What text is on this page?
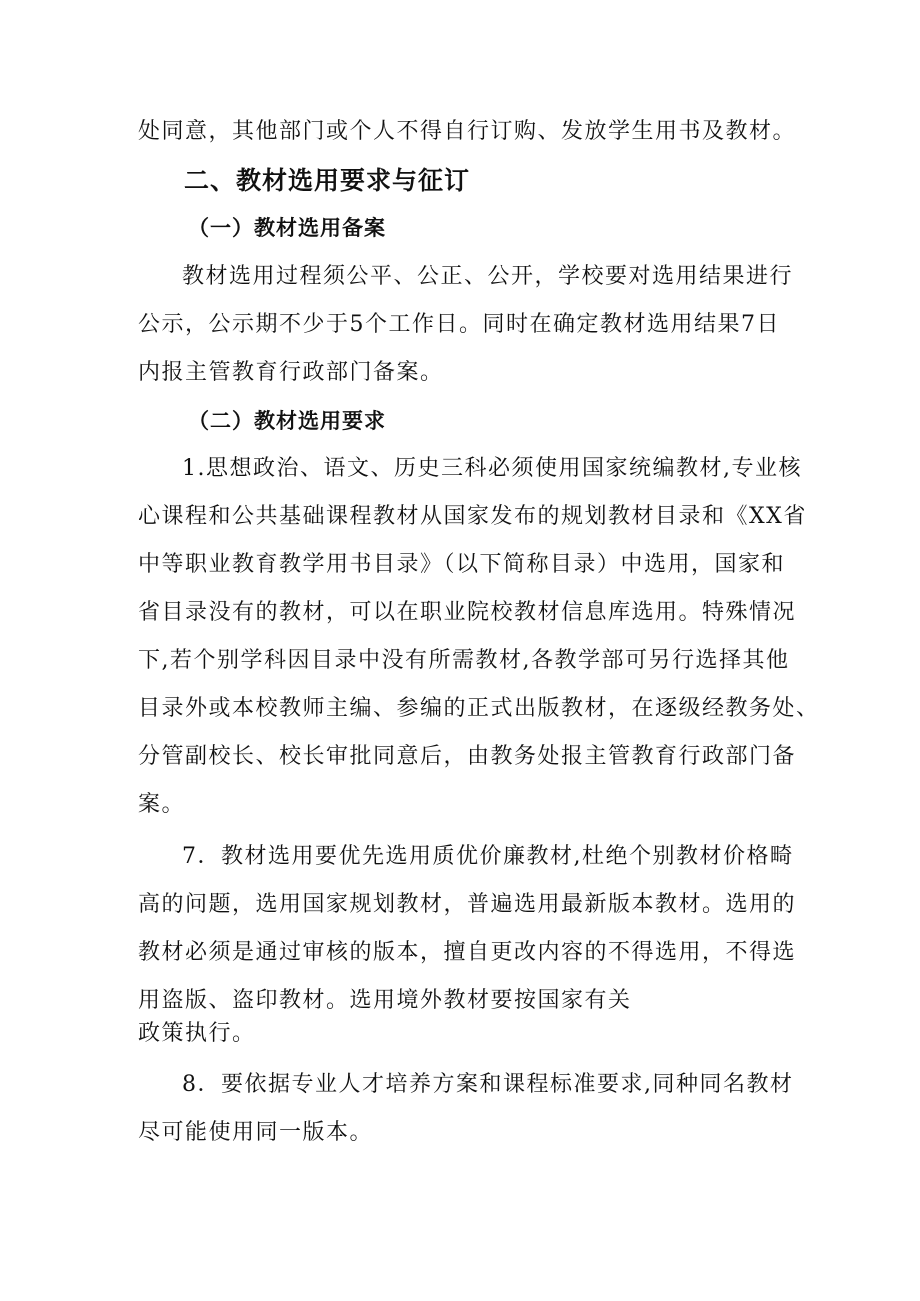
处同意，其他部门或个人不得自行订购、发放学生用书及教材。
二、教材选用要求与征订
（一）教材选用备案
教材选用过程须公平、公正、公开，学校要对选用结果进行
公示，公示期不少于5个工作日。同时在确定教材选用结果7日
内报主管教育行政部门备案。
（二）教材选用要求
1.思想政治、语文、历史三科必须使用国家统编教材,专业核
心课程和公共基础课程教材从国家发布的规划教材目录和《XX省
中等职业教育教学用书目录》（以下简称目录）中选用，国家和
省目录没有的教材，可以在职业院校教材信息库选用。特殊情况
下,若个别学科因目录中没有所需教材,各教学部可另行选择其他
目录外或本校教师主编、参编的正式出版教材，在逐级经教务处、
分管副校长、校长审批同意后，由教务处报主管教育行政部门备
案。
7．教材选用要优先选用质优价廉教材,杜绝个别教材价格畸
高的问题，选用国家规划教材，普遍选用最新版本教材。选用的
教材必须是通过审核的版本，擅自更改内容的不得选用，不得选
用盗版、盗印教材。选用境外教材要按国家有关
政策执行。
8．要依据专业人才培养方案和课程标准要求,同种同名教材
尽可能使用同一版本。
